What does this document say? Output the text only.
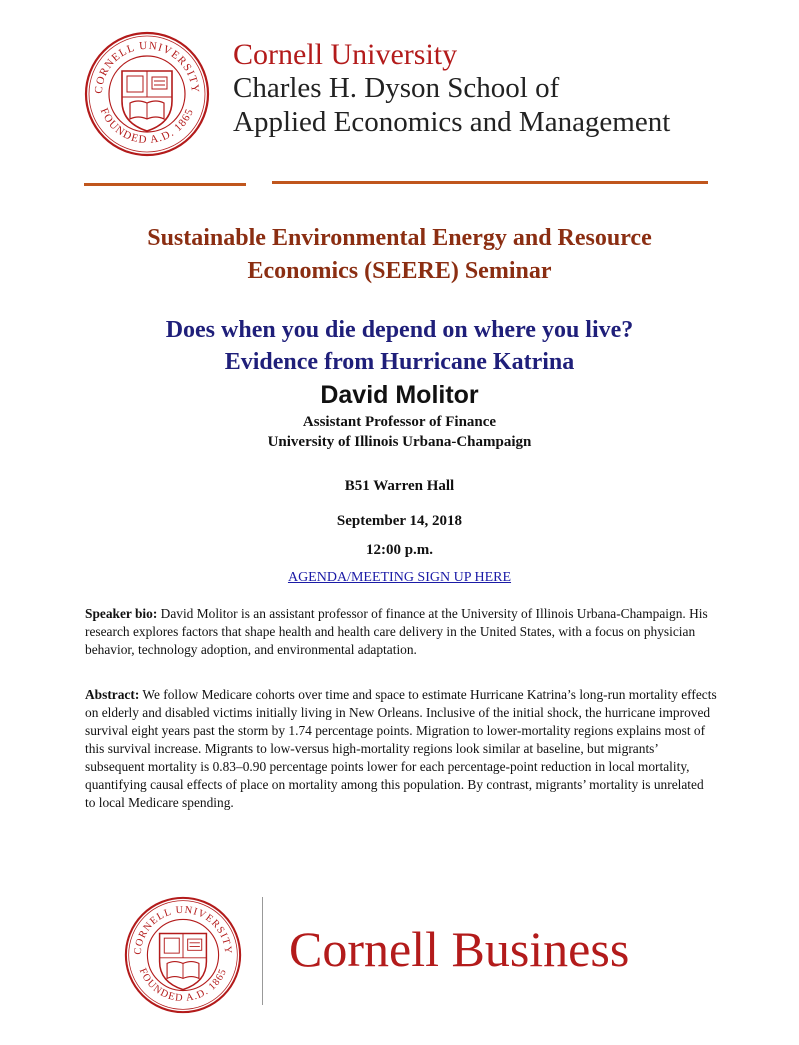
CORNELL UNIVERSITY
FOUNDED A.D. 1865

Cornell University

Charles H. Dyson School of

Applied Economics and Management

Sustainable Environmental Energy and Resource
Economics (SEERE) Seminar
Does when you die depend on where you live?
Evidence from Hurricane Katrina

David Molitor

Assistant Professor of Finance

University of Illinois Urbana-Champaign

B51 Warren Hall

September 14, 2018

12:00 p.m.

AGENDA/MEETING SIGN UP HERE

Speaker bio: David Molitor is an assistant professor of finance at the University of Illinois Urbana-Champaign. His research explores factors that shape health and health care delivery in the United States, with a focus on physician behavior, technology adoption, and environmental adaptation.

Abstract: We follow Medicare cohorts over time and space to estimate Hurricane Katrina’s long-run mortality effects on elderly and disabled victims initially living in New Orleans. Inclusive of the initial shock, the hurricane improved survival eight years past the storm by 1.74 percentage points. Migration to lower-mortality regions explains most of this survival increase. Migrants to low-versus high-mortality regions look similar at baseline, but migrants’ subsequent mortality is 0.83–0.90 percentage points lower for each percentage-point reduction in local mortality, quantifying causal effects of place on mortality among this population. By contrast, migrants’ mortality is unrelated to local Medicare spending.

CORNELL UNIVERSITY
FOUNDED A.D. 1865 Cornell Business
